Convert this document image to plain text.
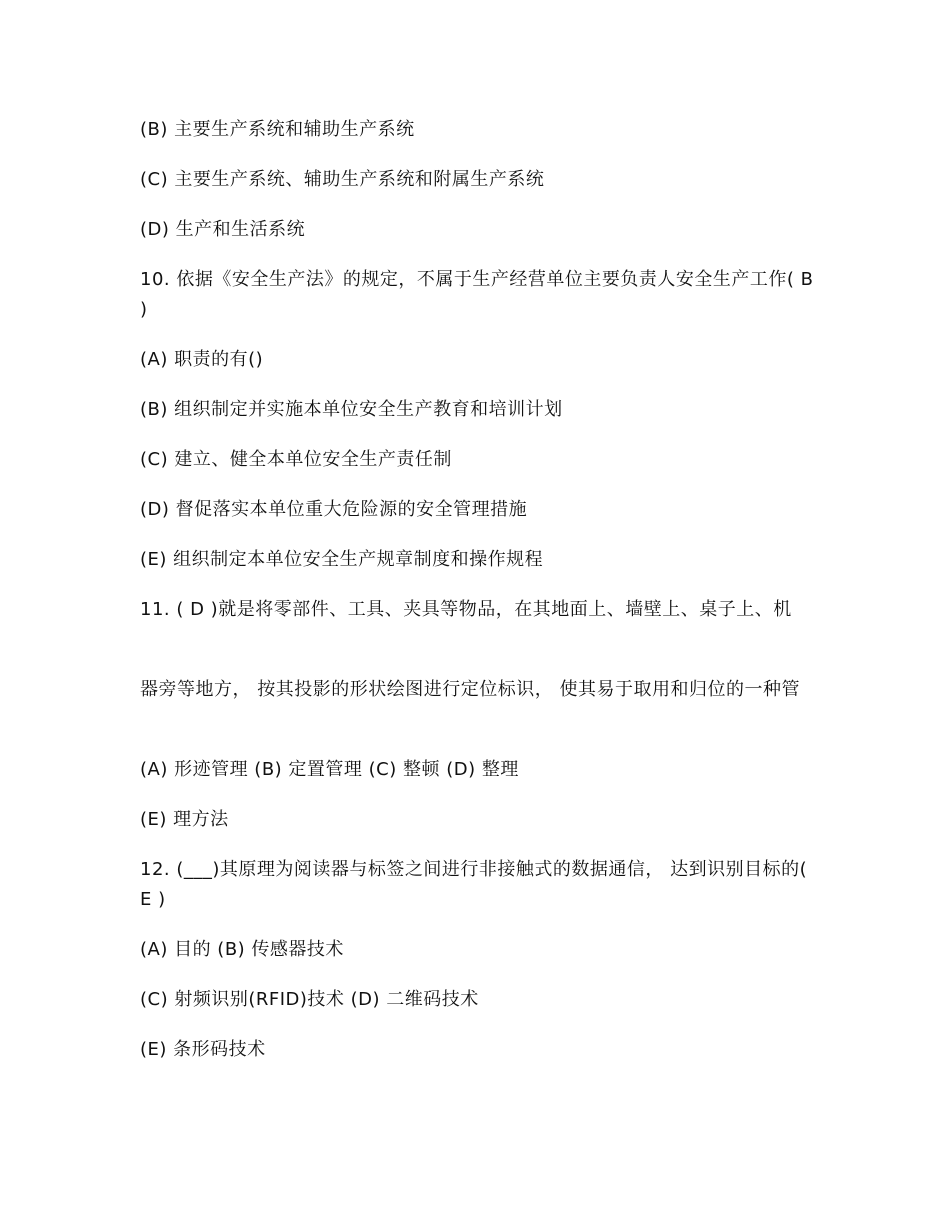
(B) 主要生产系统和辅助生产系统
(C) 主要生产系统、辅助生产系统和附属生产系统
(D) 生产和生活系统
10. 依据《安全生产法》的规定，不属于生产经营单位主要负责人安全生产工作( B )
(A) 职责的有()
(B) 组织制定并实施本单位安全生产教育和培训计划
(C) 建立、健全本单位安全生产责任制
(D) 督促落实本单位重大危险源的安全管理措施
(E) 组织制定本单位安全生产规章制度和操作规程
11. ( D )就是将零部件、工具、夹具等物品，在其地面上、墙壁上、桌子上、机
器旁等地方， 按其投影的形状绘图进行定位标识， 使其易于取用和归位的一种管
(A) 形迹管理 (B) 定置管理 (C) 整顿 (D) 整理
(E) 理方法
12. (___)其原理为阅读器与标签之间进行非接触式的数据通信， 达到识别目标的( E )
(A) 目的 (B) 传感器技术
(C) 射频识别(RFID)技术 (D) 二维码技术
(E) 条形码技术
